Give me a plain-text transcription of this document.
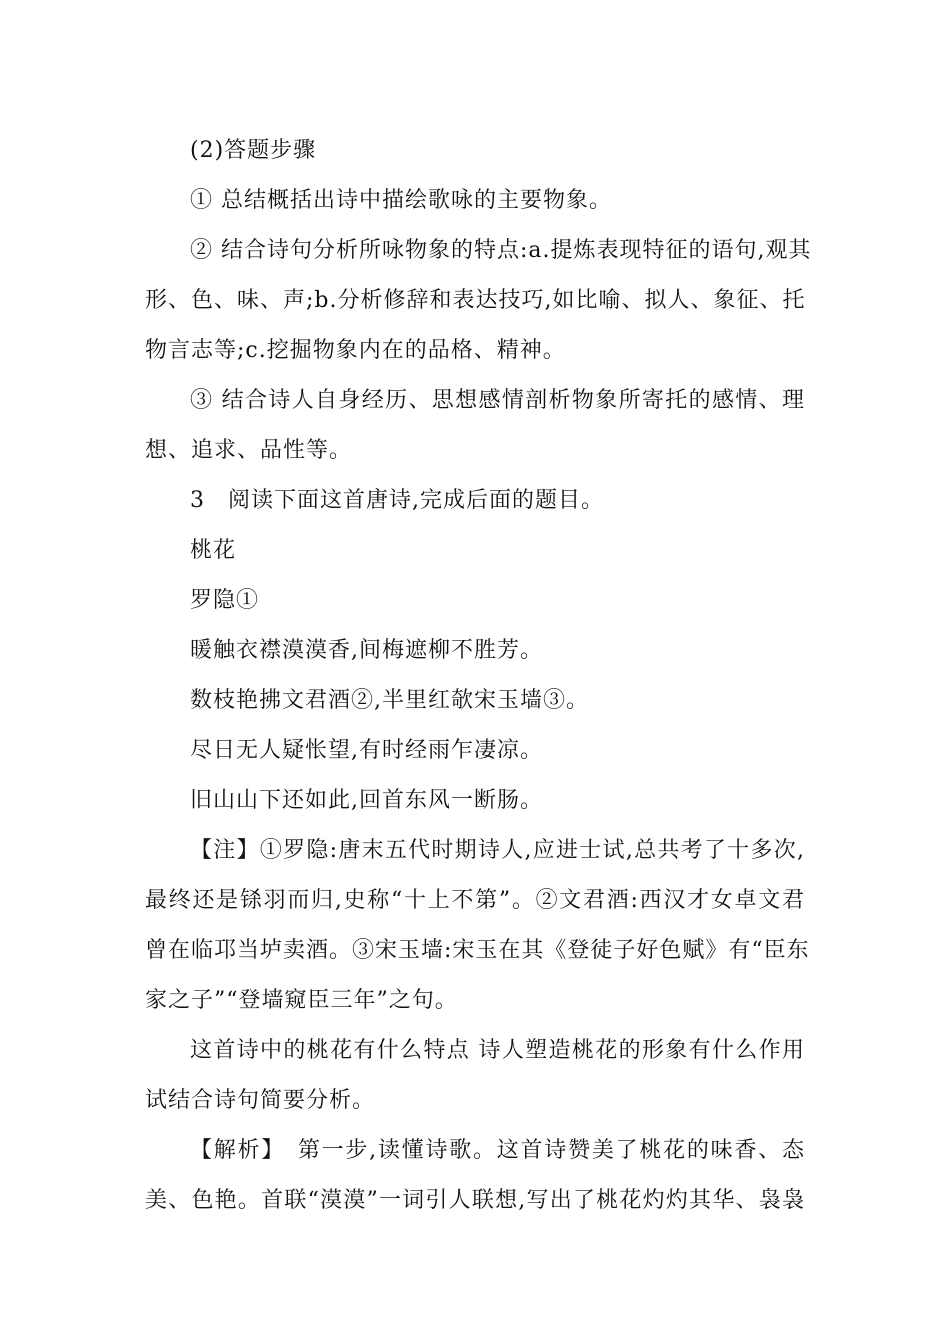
(2)答题步骤
① 总结概括出诗中描绘歌咏的主要物象。
② 结合诗句分析所咏物象的特点:a.提炼表现特征的语句,观其
形、色、味、声;b.分析修辞和表达技巧,如比喻、拟人、象征、托
物言志等;c.挖掘物象内在的品格、精神。
③ 结合诗人自身经历、思想感情剖析物象所寄托的感情、理
想、追求、品性等。
3　阅读下面这首唐诗,完成后面的题目。
桃花
罗隐①
暖触衣襟漠漠香,间梅遮柳不胜芳。
数枝艳拂文君酒②,半里红欹宋玉墙③。
尽日无人疑怅望,有时经雨乍凄凉。
旧山山下还如此,回首东风一断肠。
【注】①罗隐:唐末五代时期诗人,应进士试,总共考了十多次,
最终还是铩羽而归,史称“十上不第”。②文君酒:西汉才女卓文君
曾在临邛当垆卖酒。③宋玉墙:宋玉在其《登徒子好色赋》有“臣东
家之子”“登墙窥臣三年”之句。
这首诗中的桃花有什么特点 诗人塑造桃花的形象有什么作用
试结合诗句简要分析。
【解析】　第一步,读懂诗歌。这首诗赞美了桃花的味香、态
美、色艳。首联“漠漠”一词引人联想,写出了桃花灼灼其华、袅袅
